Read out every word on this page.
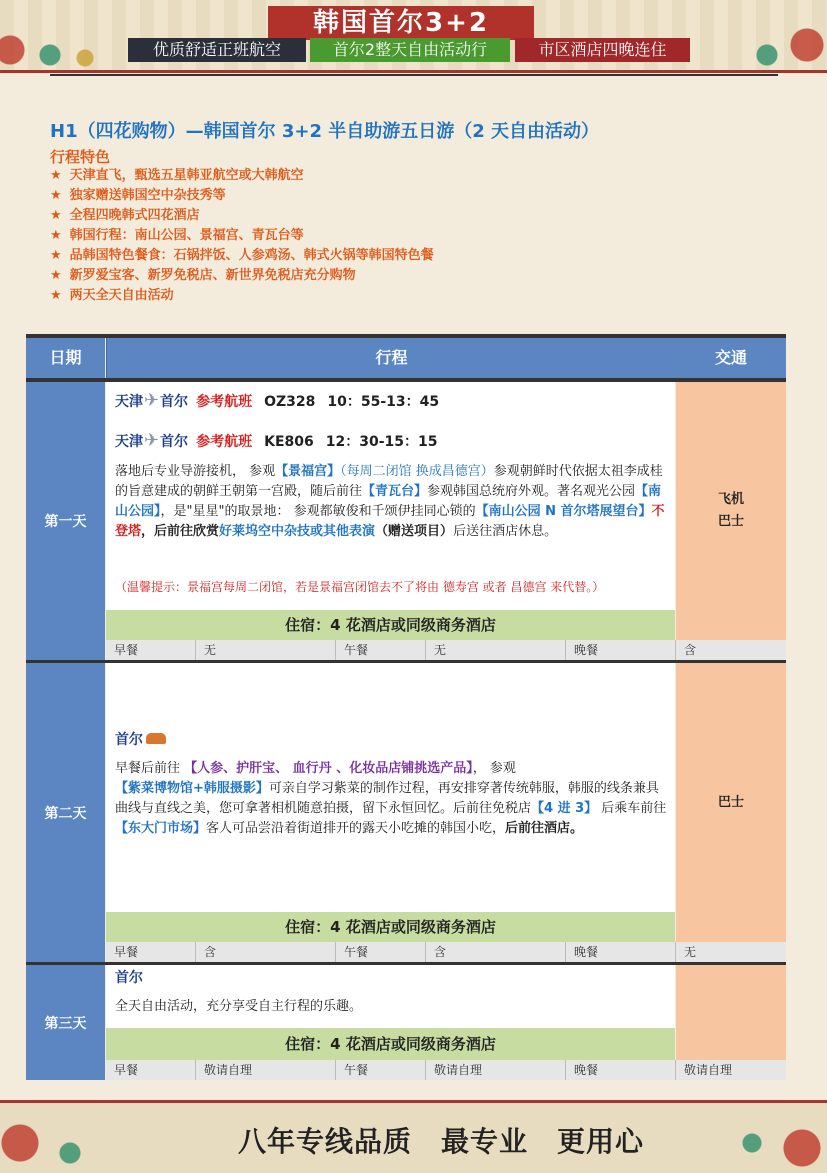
韩国首尔3+2
优质舒适正班航空	首尔2整天自由活动行	市区酒店四晚连住
H1（四花购物）—韩国首尔 3+2 半自助游五日游（2 天自由活动）
行程特色
★ 天津直飞，甄选五星韩亚航空或大韩航空
★ 独家赠送韩国空中杂技秀等
★ 全程四晚韩式四花酒店
★ 韩国行程：南山公园、景福宫、青瓦台等
★ 品韩国特色餐食：石锅拌饭、人参鸡汤、韩式火锅等韩国特色餐
★ 新罗爱宝客、新罗免税店、新世界免税店充分购物
★ 两天全天自由活动
日期	行程	交通
第一天
天津✈首尔 参考航班 OZ328 10：55-13：45
天津✈首尔 参考航班 KE806 12：30-15：15
落地后专业导游接机， 参观【景福宫】（每周二闭馆 换成昌德宫）参观朝鲜时代依据太祖李成桂的旨意建成的朝鲜王朝第一宫殿，随后前往【青瓦台】参观韩国总统府外观。著名观光公园【南山公园】，是"星星"的取景地： 参观都敏俊和千颂伊挂同心锁的【南山公园 N 首尔塔展望台】不登塔，后前往欣赏好莱坞空中杂技或其他表演（赠送项目）后送往酒店休息。
（温馨提示：景福宫每周二闭馆，若是景福宫闭馆去不了将由 德寿宫 或者 昌德宫 来代替。）
飞机
巴士
住宿：4 花酒店或同级商务酒店
早餐	无	午餐	无	晚餐	含
第二天
首尔
早餐后前往 【人参、护肝宝、 血行丹 、化妆品店铺挑选产品】， 参观【紫菜博物馆+韩服摄影】可亲自学习紫菜的制作过程，再安排穿著传统韩服，韩服的线条兼具曲线与直线之美，您可拿著相机随意拍摄，留下永恒回忆。后前往免税店【4 进 3】 后乘车前往【东大门市场】客人可品尝沿着街道排开的露天小吃摊的韩国小吃，后前往酒店。
巴士
住宿：4 花酒店或同级商务酒店
早餐	含	午餐	含	晚餐	无
第三天
首尔
全天自由活动，充分享受自主行程的乐趣。
住宿：4 花酒店或同级商务酒店
早餐	敬请自理	午餐	敬请自理	晚餐	敬请自理
八年专线品质　最专业　更用心
